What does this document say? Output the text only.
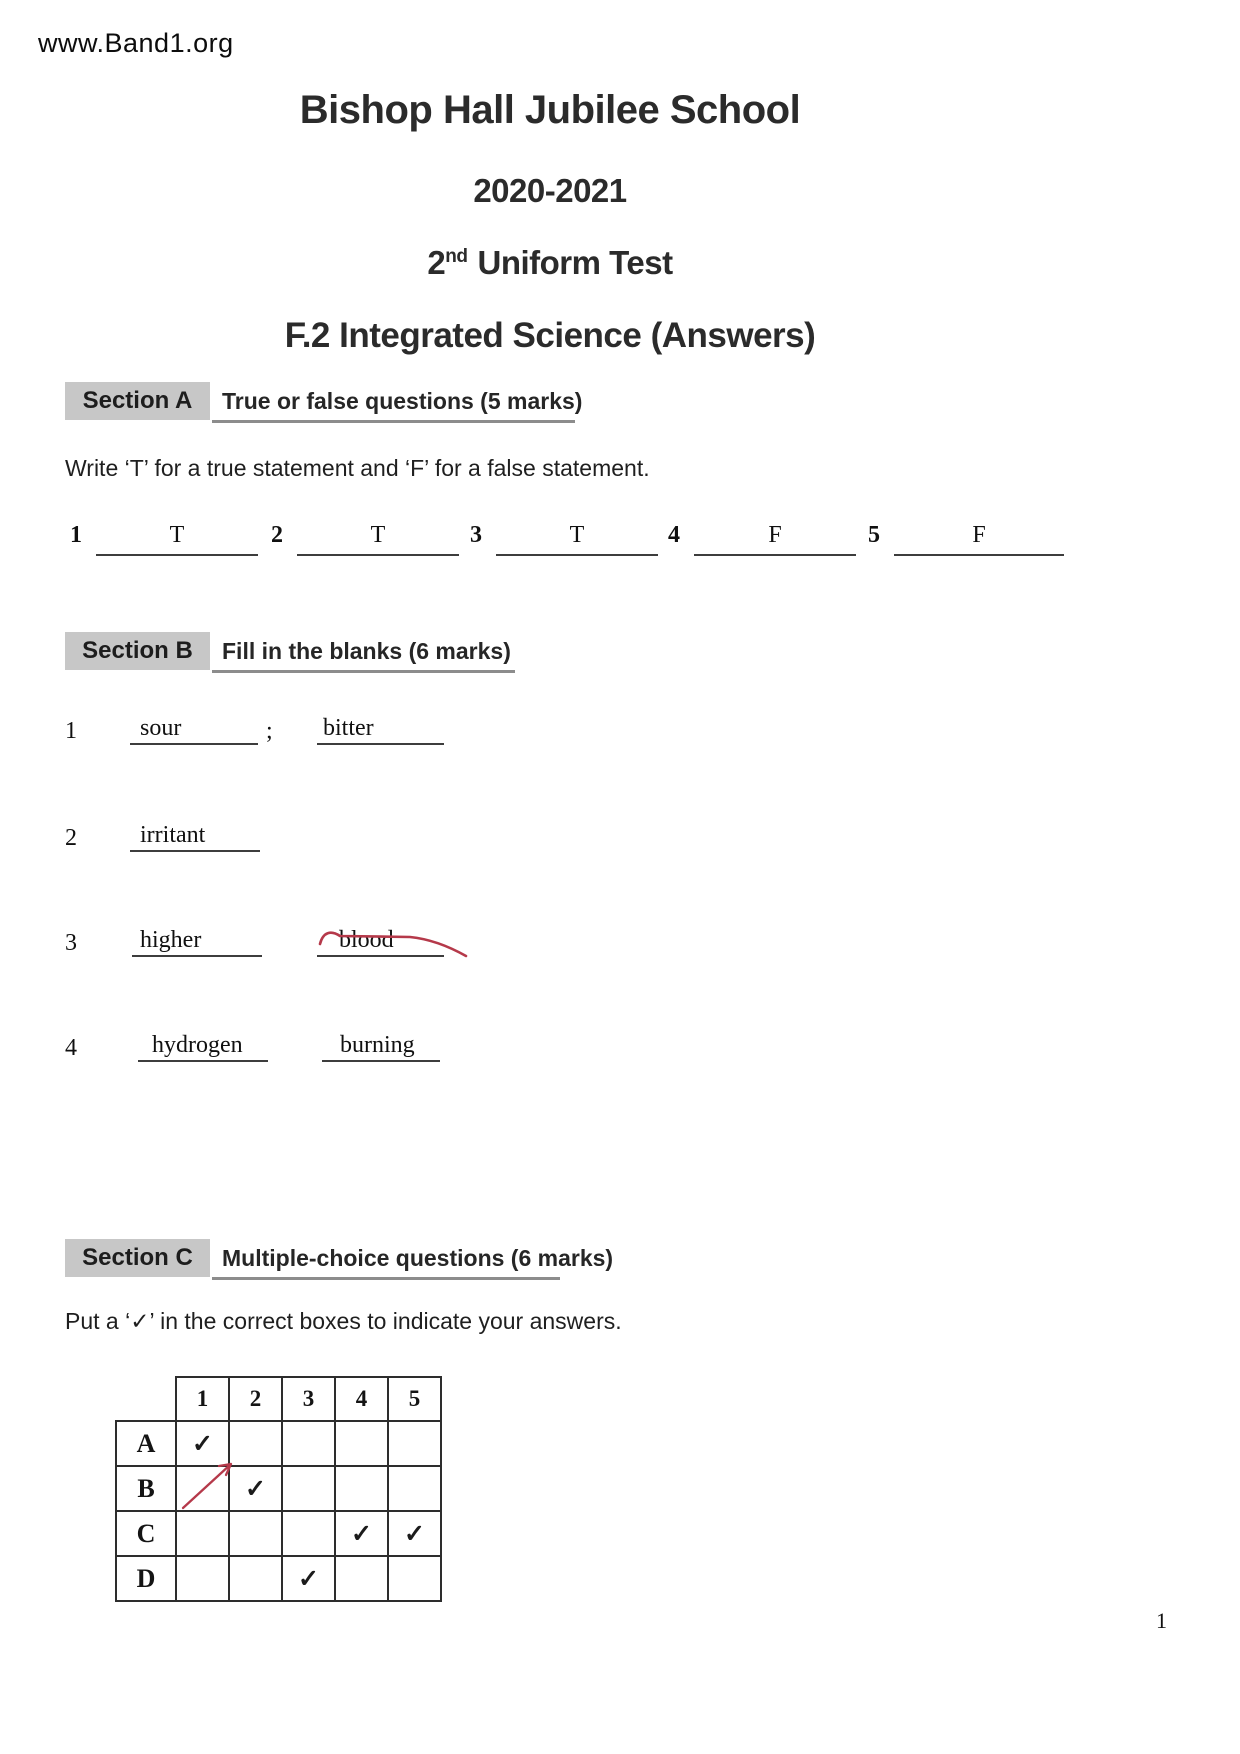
www.Band1.org
Bishop Hall Jubilee School
2020-2021
2nd Uniform Test
F.2 Integrated Science (Answers)
Section A	True or false questions (5 marks)
Write ‘T’ for a true statement and ‘F’ for a false statement.
1	T	2	T	3	T	4	F	5	F
Section B	Fill in the blanks (6 marks)
1	sour	; bitter
2	irritant
3	higher	blood
4	hydrogen	burning
Section C	Multiple-choice questions (6 marks)
Put a ‘✓’ in the correct boxes to indicate your answers.
	1	2	3	4	5
A	✓				
B		✓			
C				✓	✓
D			✓		
1
